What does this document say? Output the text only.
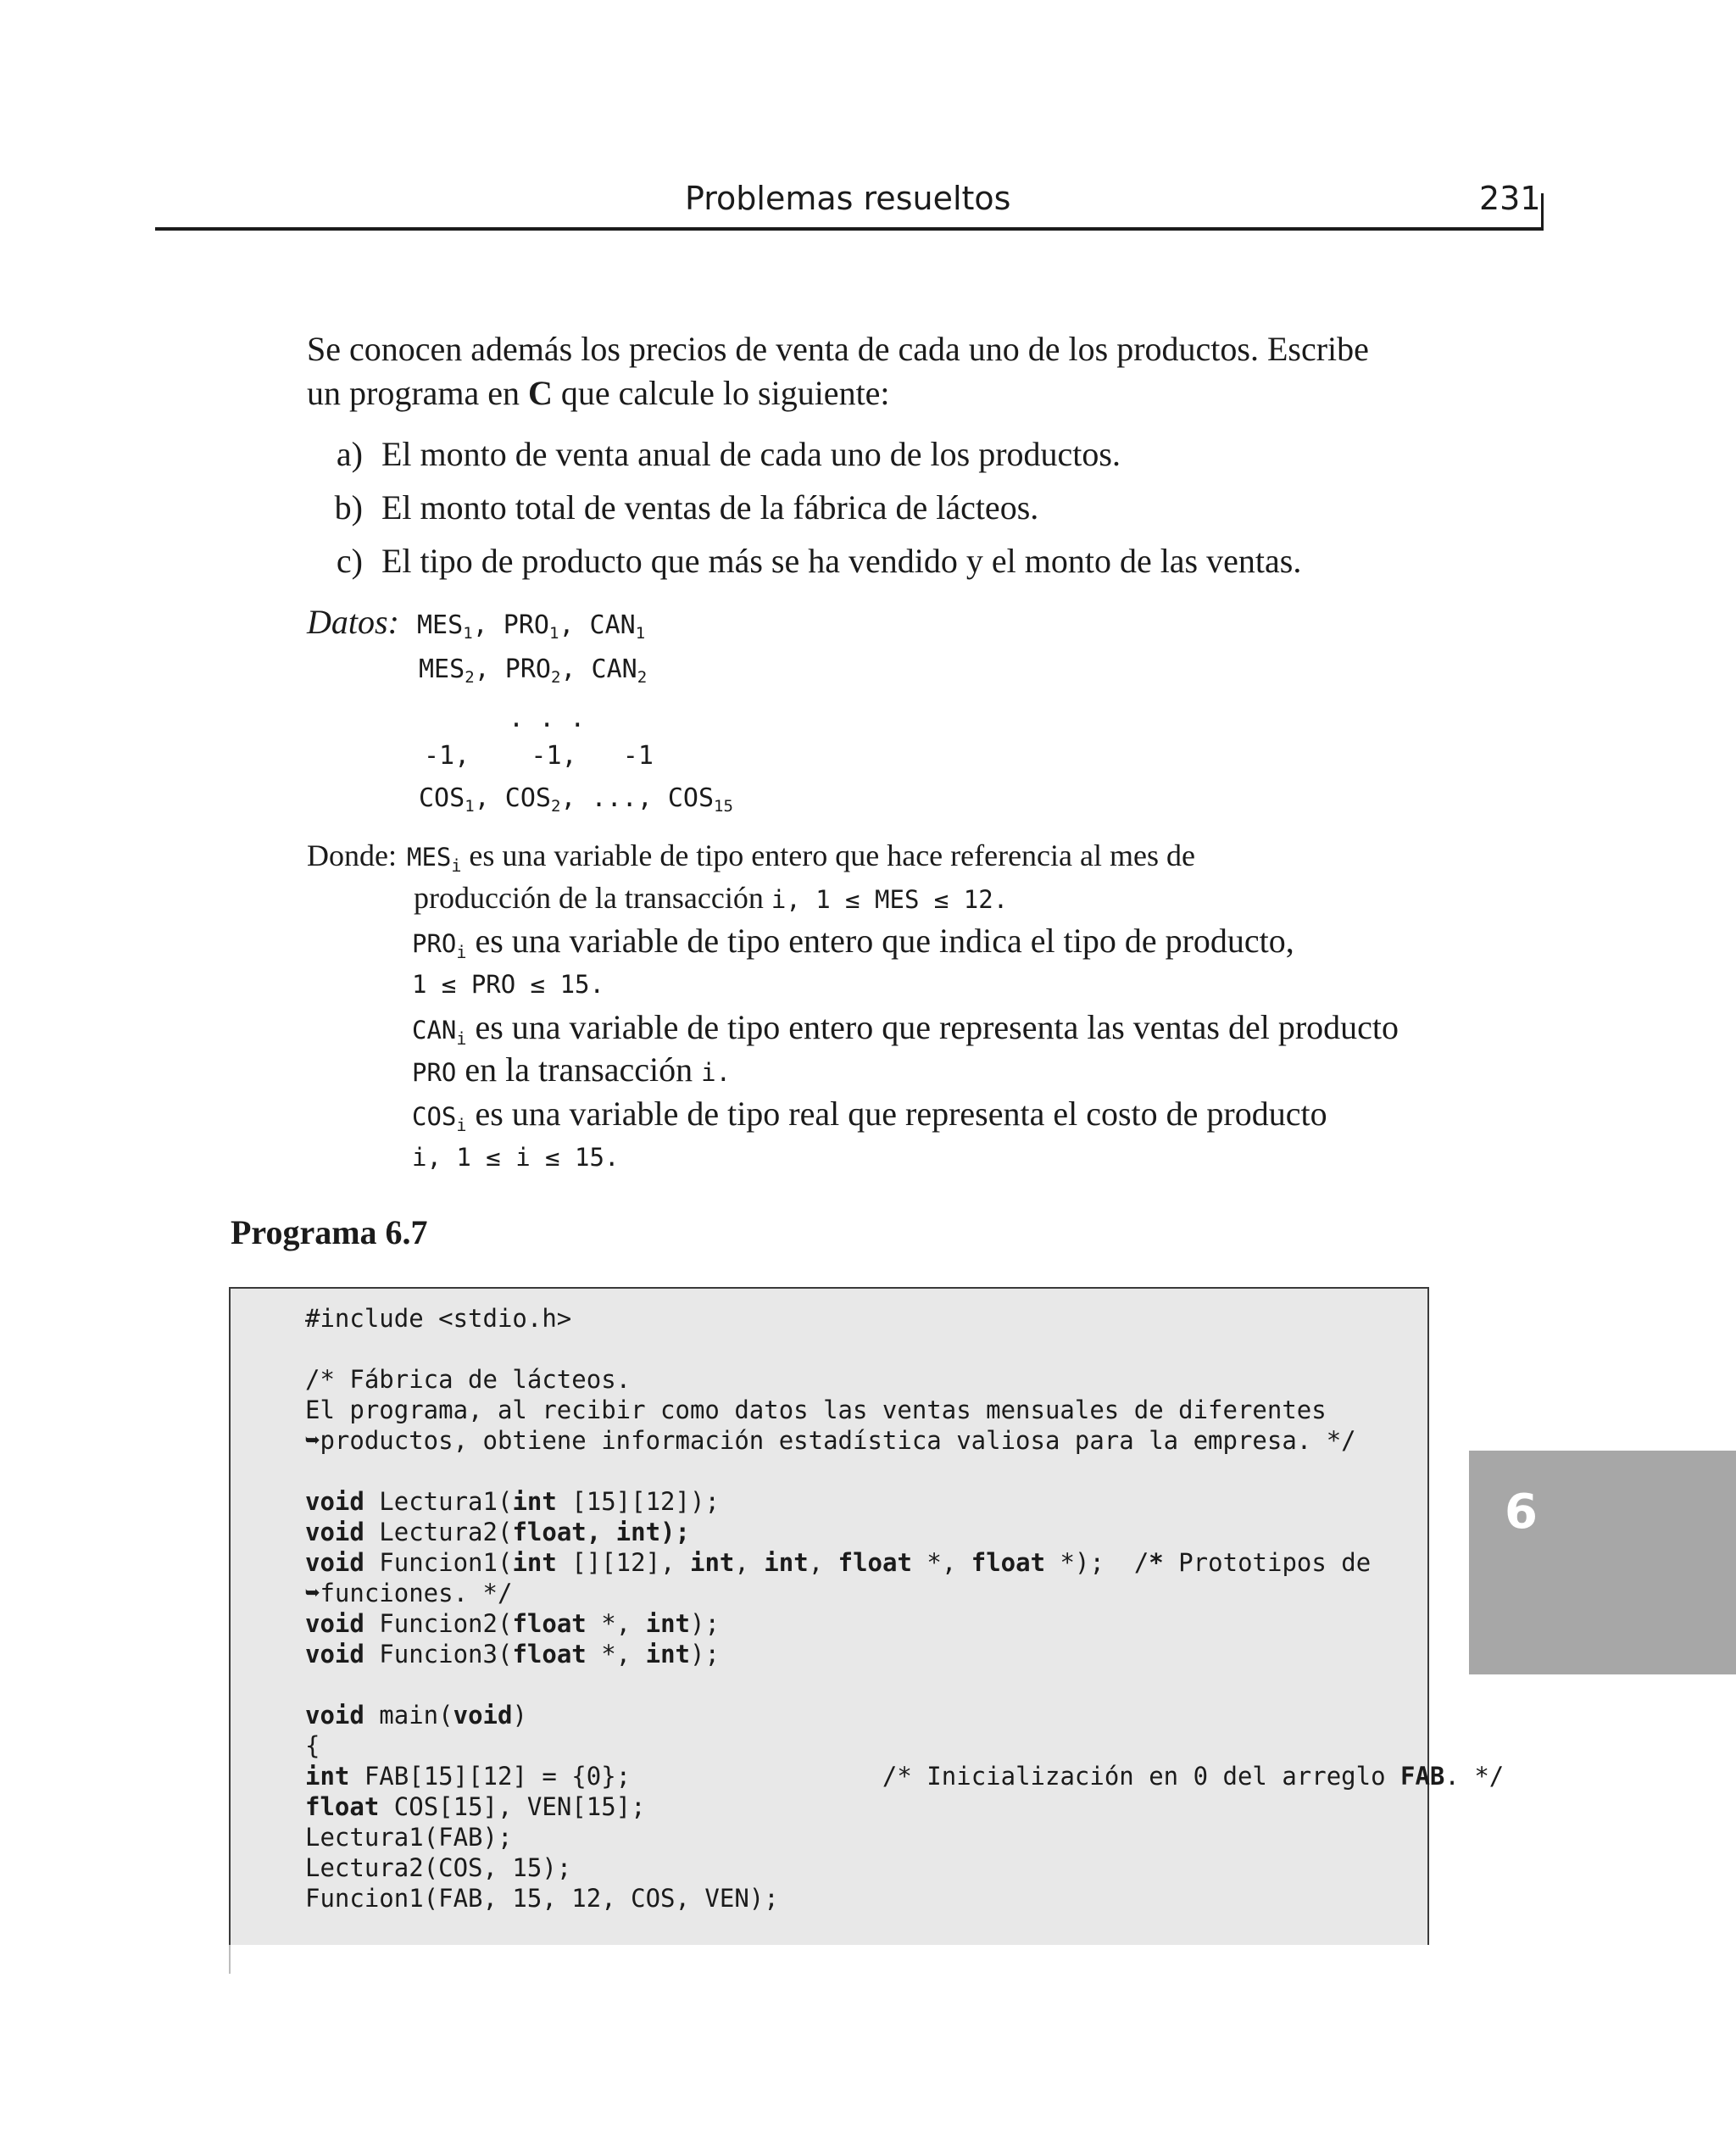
Problemas resueltos	231
Se conocen además los precios de venta de cada uno de los productos. Escribe
un programa en C que calcule lo siguiente:
a) El monto de venta anual de cada uno de los productos.
b) El monto total de ventas de la fábrica de lácteos.
c) El tipo de producto que más se ha vendido y el monto de las ventas.
Datos: $MES_1$, $PRO_1$, $CAN_1$
$MES_2$, $PRO_2$, $CAN_2$
. . .
-1,    -1,   -1
$COS_1$, $COS_2$, ..., $COS_{15}$
Donde: $MES_i$ es una variable de tipo entero que hace referencia al mes de
producción de la transacción i, 1 ≤ MES ≤ 12.
$PRO_i$ es una variable de tipo entero que indica el tipo de producto,
1 ≤ PRO ≤ 15.
$CAN_i$ es una variable de tipo entero que representa las ventas del producto
PRO en la transacción i.
$COS_i$ es una variable de tipo real que representa el costo de producto
i, 1 ≤ i ≤ 15.
Programa 6.7
#include <stdio.h>
/* Fábrica de lácteos.
El programa, al recibir como datos las ventas mensuales de diferentes
➥productos, obtiene información estadística valiosa para la empresa. */
void Lectura1(int [15][12]);
void Lectura2(float, int);
void Funcion1(int [][12], int, int, float *, float *);  /* Prototipos de
➥funciones. */
void Funcion2(float *, int);
void Funcion3(float *, int);
void main(void)
{
int FAB[15][12] = {0};                 /* Inicialización en 0 del arreglo FAB. */
float COS[15], VEN[15];
Lectura1(FAB);
Lectura2(COS, 15);
Funcion1(FAB, 15, 12, COS, VEN);
6
